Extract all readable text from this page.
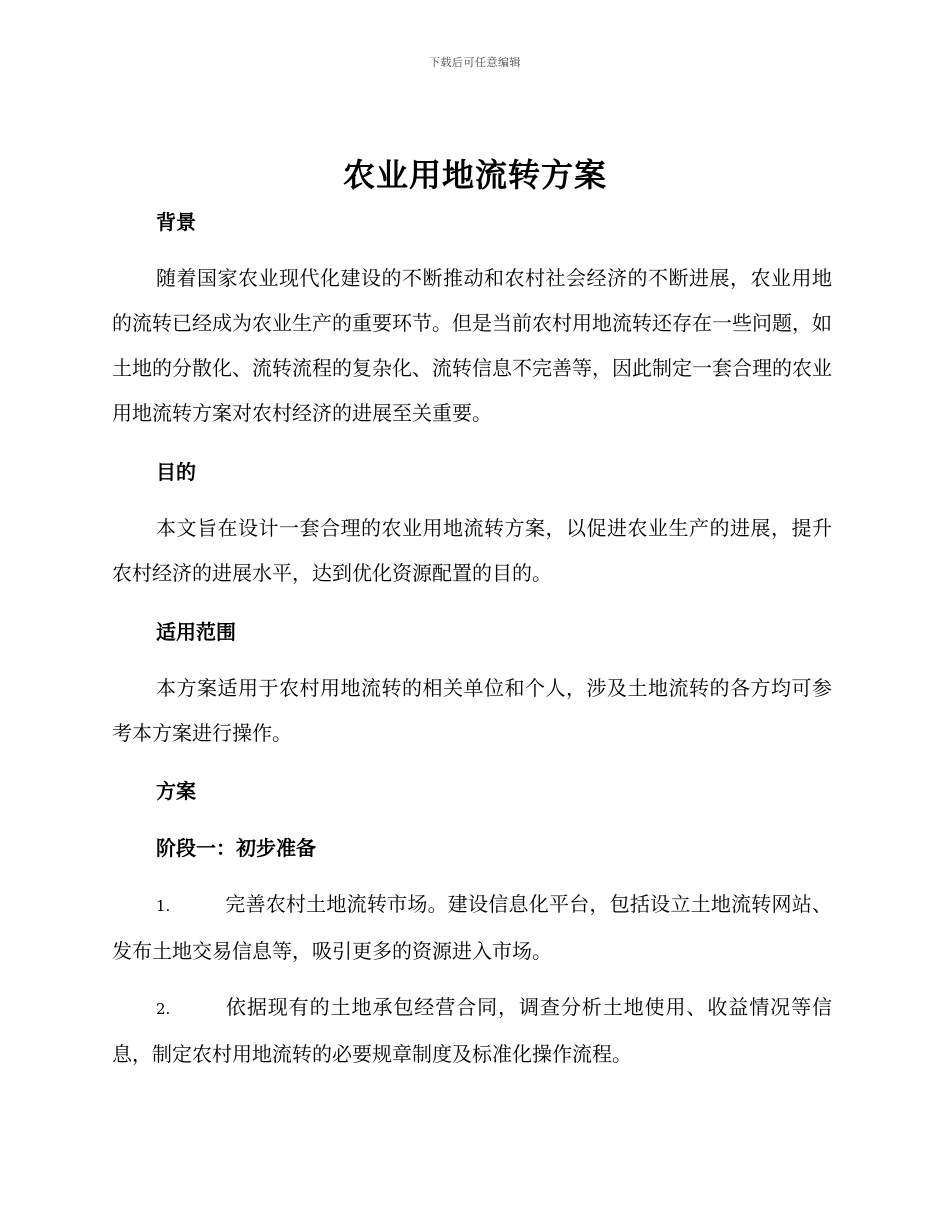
下载后可任意编辑
农业用地流转方案
背景

随着国家农业现代化建设的不断推动和农村社会经济的不断进展，农业用地的流转已经成为农业生产的重要环节。但是当前农村用地流转还存在一些问题，如土地的分散化、流转流程的复杂化、流转信息不完善等，因此制定一套合理的农业用地流转方案对农村经济的进展至关重要。

目的

本文旨在设计一套合理的农业用地流转方案，以促进农业生产的进展，提升农村经济的进展水平，达到优化资源配置的目的。

适用范围

本方案适用于农村用地流转的相关单位和个人，涉及土地流转的各方均可参考本方案进行操作。

方案
阶段一：初步准备

1.	完善农村土地流转市场。建设信息化平台，包括设立土地流转网站、发布土地交易信息等，吸引更多的资源进入市场。

2.	依据现有的土地承包经营合同，调查分析土地使用、收益情况等信息，制定农村用地流转的必要规章制度及标准化操作流程。
